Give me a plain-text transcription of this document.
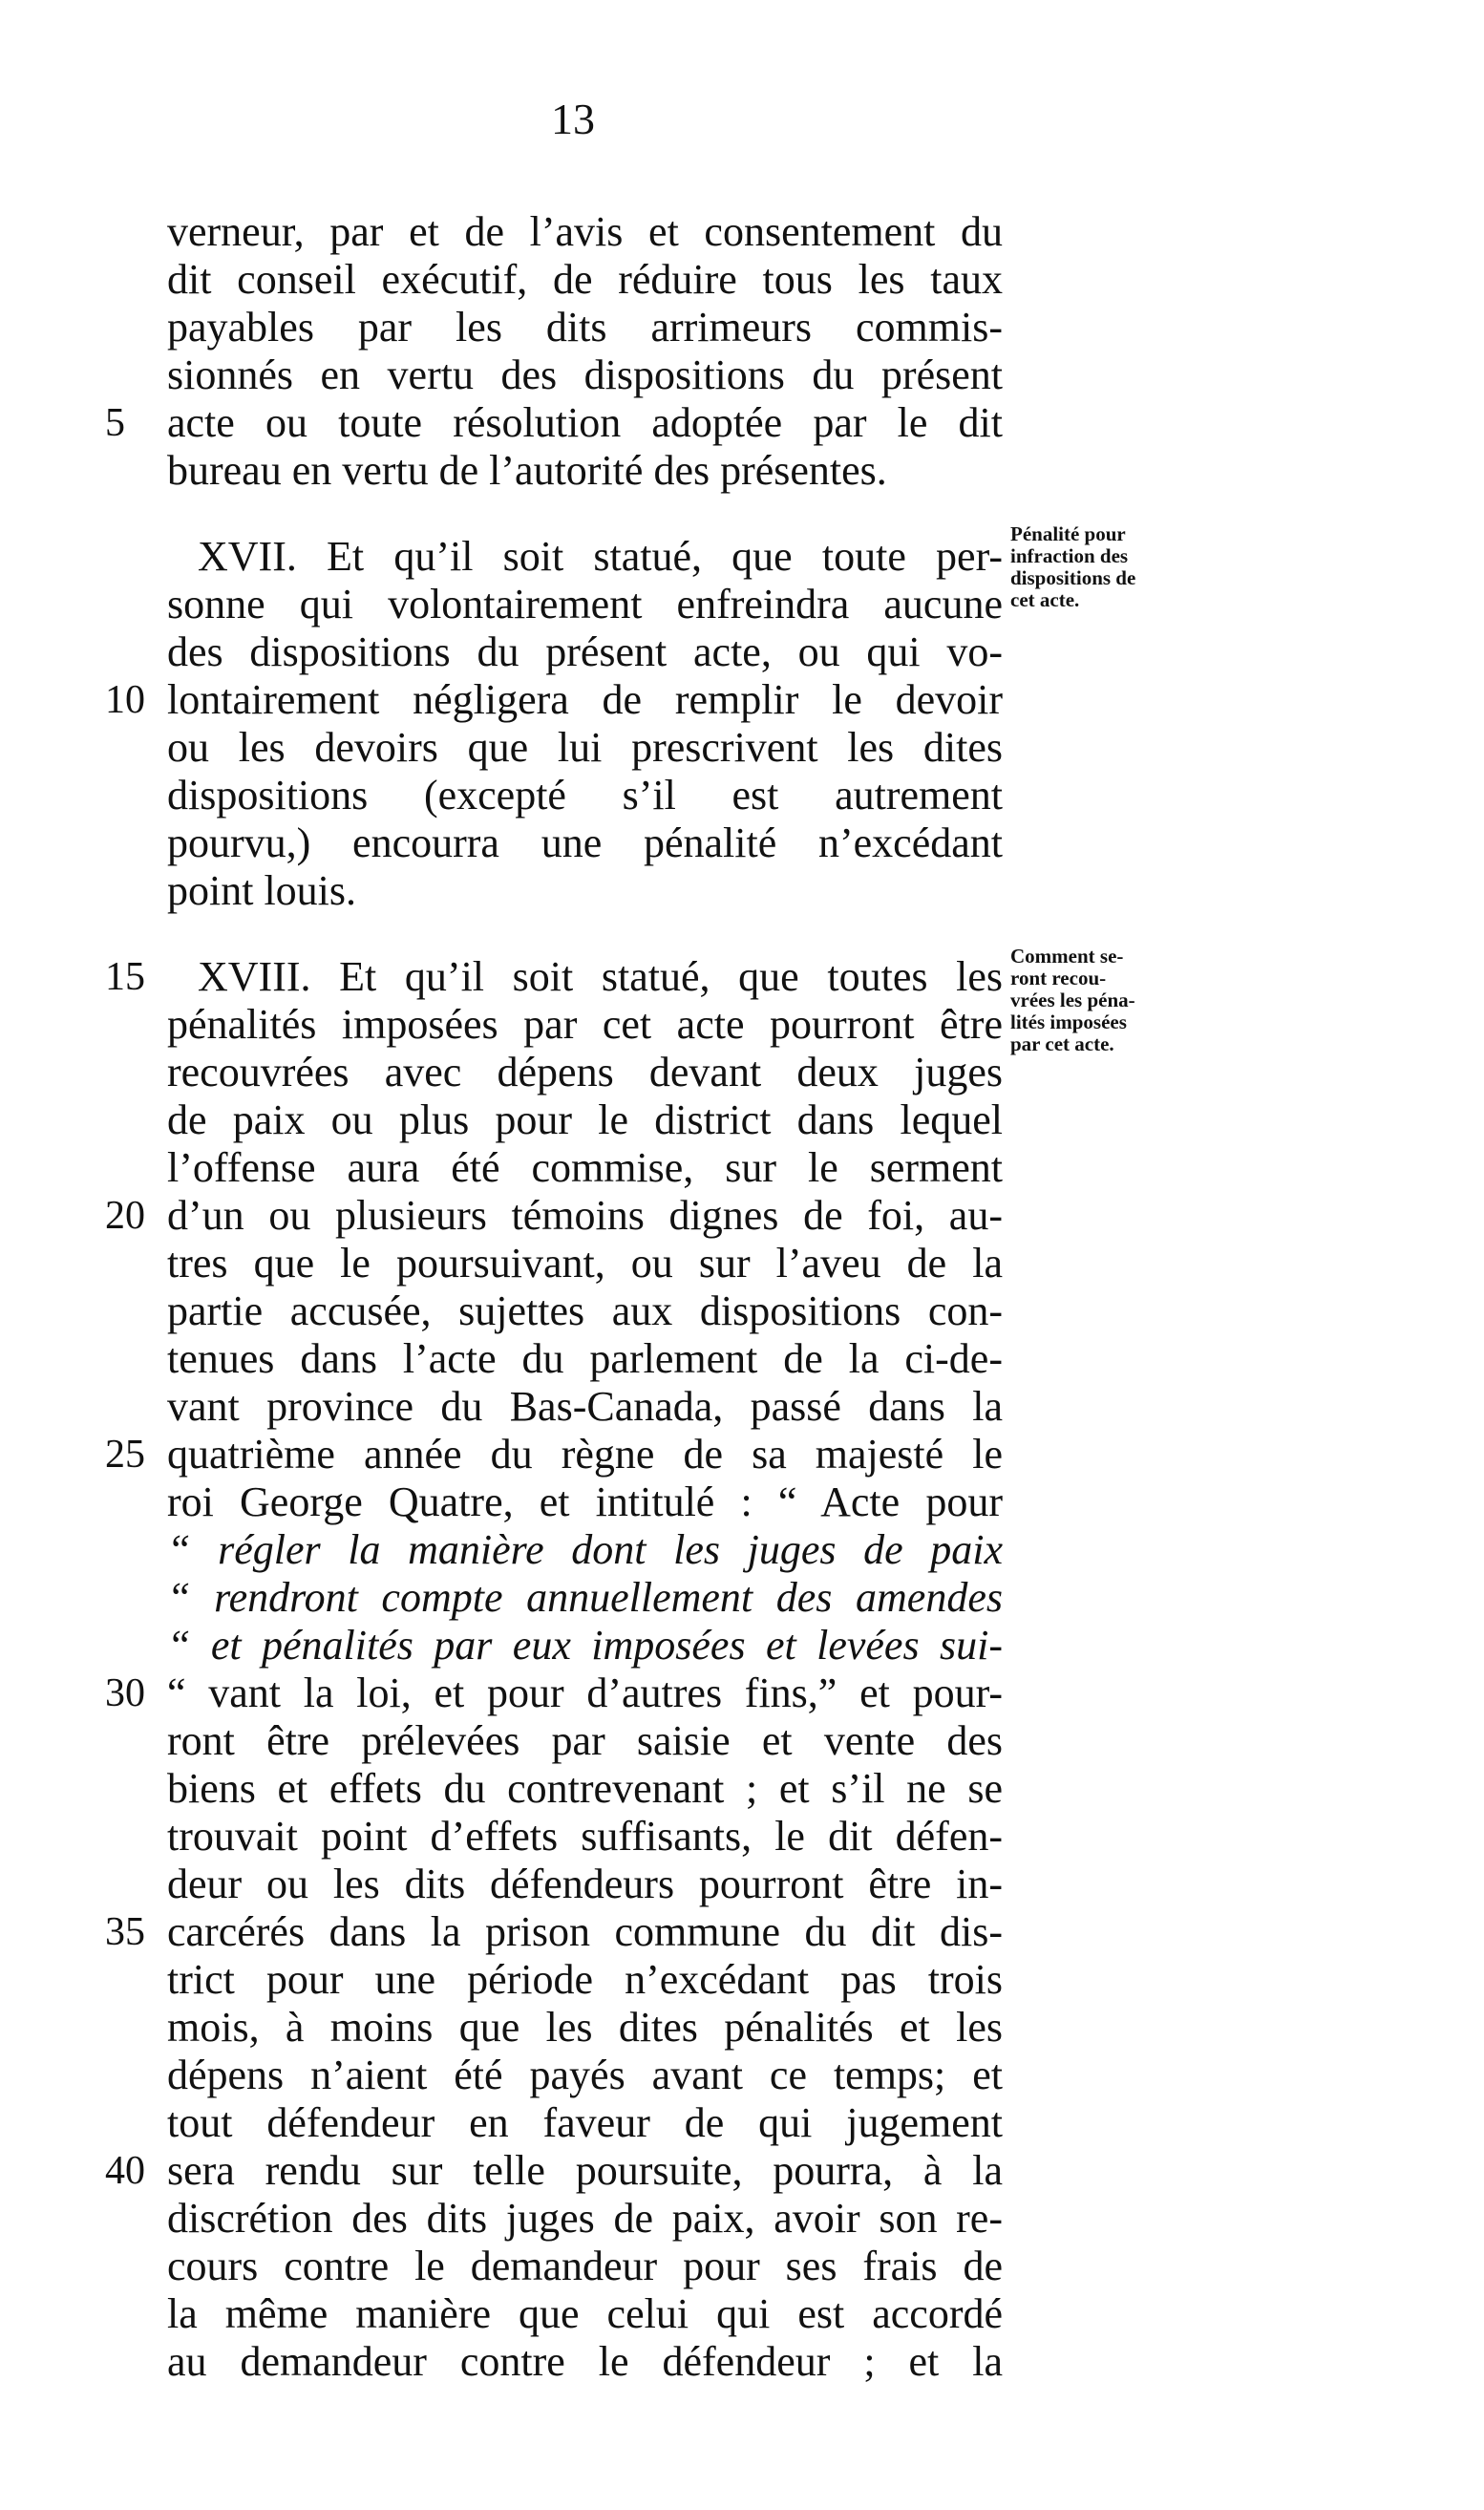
13
verneur, par et de l’avis et consentement du
dit conseil exécutif, de réduire tous les taux
payables par les dits arrimeurs commis-
sionnés en vertu des dispositions du présent
acte ou toute résolution adoptée par le dit
5
bureau en vertu de l’autorité des présentes.
XVII. Et qu’il soit statué, que toute per-
sonne qui volontairement enfreindra aucune
des dispositions du présent acte, ou qui vo-
lontairement négligera de remplir le devoir
10
ou les devoirs que lui prescrivent les dites
dispositions (excepté s’il est autrement
pourvu,) encourra une pénalité n’excédant
point louis.
XVIII. Et qu’il soit statué, que toutes les
15
pénalités imposées par cet acte pourront être
recouvrées avec dépens devant deux juges
de paix ou plus pour le district dans lequel
l’offense aura été commise, sur le serment
d’un ou plusieurs témoins dignes de foi, au-
20
tres que le poursuivant, ou sur l’aveu de la
partie accusée, sujettes aux dispositions con-
tenues dans l’acte du parlement de la ci-de-
vant province du Bas-Canada, passé dans la
quatrième année du règne de sa majesté le
25
roi George Quatre, et intitulé : “ Acte pour
“ régler la manière dont les juges de paix
“ rendront compte annuellement des amendes
“ et pénalités par eux imposées et levées sui-
“ vant la loi, et pour d’autres fins,” et pour-
30
ront être prélevées par saisie et vente des
biens et effets du contrevenant ; et s’il ne se
trouvait point d’effets suffisants, le dit défen-
deur ou les dits défendeurs pourront être in-
carcérés dans la prison commune du dit dis-
35
trict pour une période n’excédant pas trois
mois, à moins que les dites pénalités et les
dépens n’aient été payés avant ce temps; et
tout défendeur en faveur de qui jugement
sera rendu sur telle poursuite, pourra, à la
40
discrétion des dits juges de paix, avoir son re-
cours contre le demandeur pour ses frais de
la même manière que celui qui est accordé
au demandeur contre le défendeur ; et la
Pénalité pour
infraction des
dispositions de
cet acte.
Comment se-
ront recou-
vrées les péna-
lités imposées
par cet acte.
